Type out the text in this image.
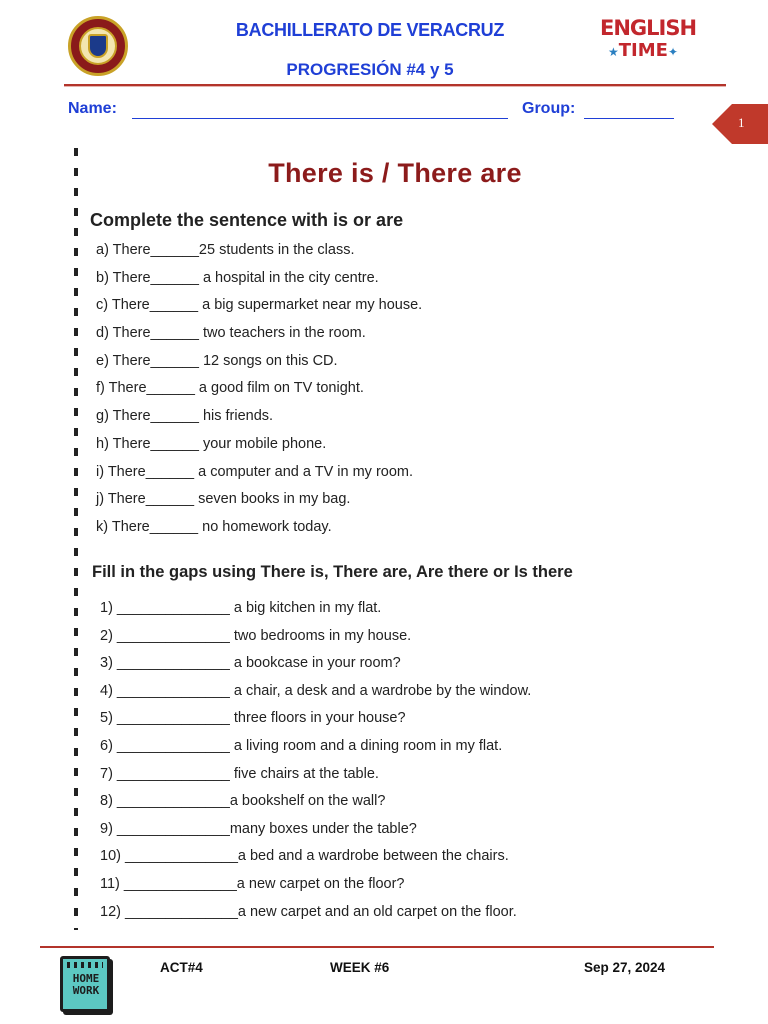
BACHILLERATO DE VERACRUZ
PROGRESIÓN #4 y 5
ENGLISH
★TIME✦
Name:	Group:
1
There is / There are
Complete the sentence with is or are
a) There______25 students in the class.
b) There______ a hospital in the city centre.
c) There______ a big supermarket near my house.
d) There______ two teachers in the room.
e) There______ 12 songs on this CD.
f) There______ a good film on TV tonight.
g) There______ his friends.
h) There______ your mobile phone.
i) There______ a computer and a TV in my room.
j) There______ seven books in my bag.
k) There______ no homework today.
Fill in the gaps using There is, There are, Are there or Is there
1) ______________ a big kitchen in my flat.
2) ______________ two bedrooms in my house.
3) ______________ a bookcase in your room?
4) ______________ a chair, a desk and a wardrobe by the window.
5) ______________ three floors in your house?
6) ______________ a living room and a dining room in my flat.
7) ______________ five chairs at the table.
8) ______________a bookshelf on the wall?
9) ______________many boxes under the table?
10) ______________a bed and a wardrobe between the chairs.
11) ______________a new carpet on the floor?
12) ______________a new carpet and an old carpet on the floor.
HOME WORK
ACT#4	WEEK #6	Sep 27, 2024
